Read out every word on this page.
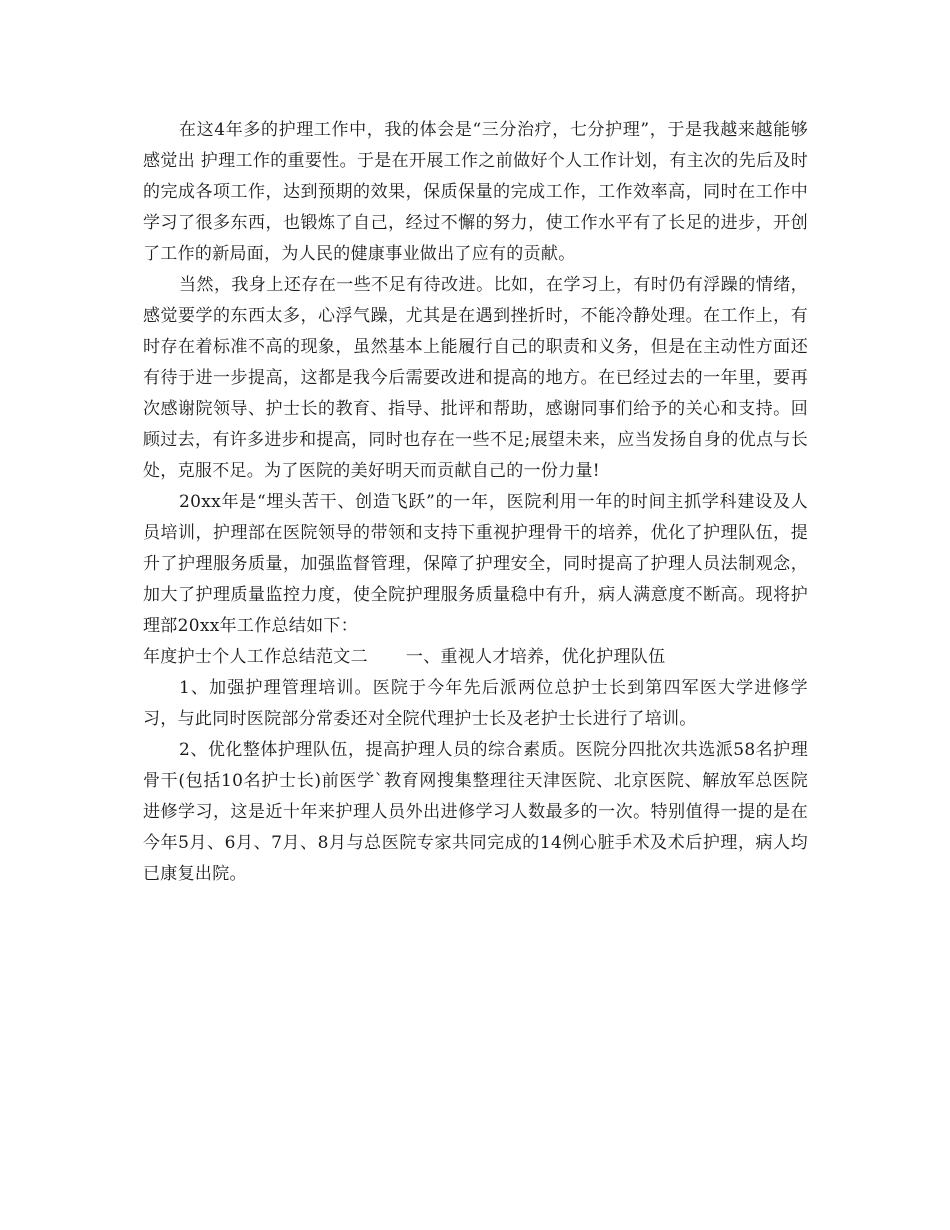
在这4年多的护理工作中，我的体会是“三分治疗，七分护理”，于是我越来越能够感觉出 护理工作的重要性。于是在开展工作之前做好个人工作计划，有主次的先后及时的完成各项工作，达到预期的效果，保质保量的完成工作，工作效率高，同时在工作中学习了很多东西，也锻炼了自己，经过不懈的努力，使工作水平有了长足的进步，开创了工作的新局面，为人民的健康事业做出了应有的贡献。

当然，我身上还存在一些不足有待改进。比如，在学习上，有时仍有浮躁的情绪，感觉要学的东西太多，心浮气躁，尤其是在遇到挫折时，不能冷静处理。在工作上，有时存在着标准不高的现象，虽然基本上能履行自己的职责和义务，但是在主动性方面还有待于进一步提高，这都是我今后需要改进和提高的地方。在已经过去的一年里，要再次感谢院领导、护士长的教育、指导、批评和帮助，感谢同事们给予的关心和支持。回顾过去，有许多进步和提高，同时也存在一些不足;展望未来，应当发扬自身的优点与长处，克服不足。为了医院的美好明天而贡献自己的一份力量!

20xx年是“埋头苦干、创造飞跃”的一年，医院利用一年的时间主抓学科建设及人员培训，护理部在医院领导的带领和支持下重视护理骨干的培养，优化了护理队伍，提升了护理服务质量，加强监督管理，保障了护理安全，同时提高了护理人员法制观念，加大了护理质量监控力度，使全院护理服务质量稳中有升，病人满意度不断高。现将护理部20xx年工作总结如下：

年度护士个人工作总结范文二 一、重视人才培养，优化护理队伍

1、加强护理管理培训。医院于今年先后派两位总护士长到第四军医大学进修学习，与此同时医院部分常委还对全院代理护士长及老护士长进行了培训。

2、优化整体护理队伍，提高护理人员的综合素质。医院分四批次共选派58名护理骨干(包括10名护士长)前医学`教育网搜集整理往天津医院、北京医院、解放军总医院进修学习，这是近十年来护理人员外出进修学习人数最多的一次。特别值得一提的是在今年5月、6月、7月、8月与总医院专家共同完成的14例心脏手术及术后护理，病人均已康复出院。
